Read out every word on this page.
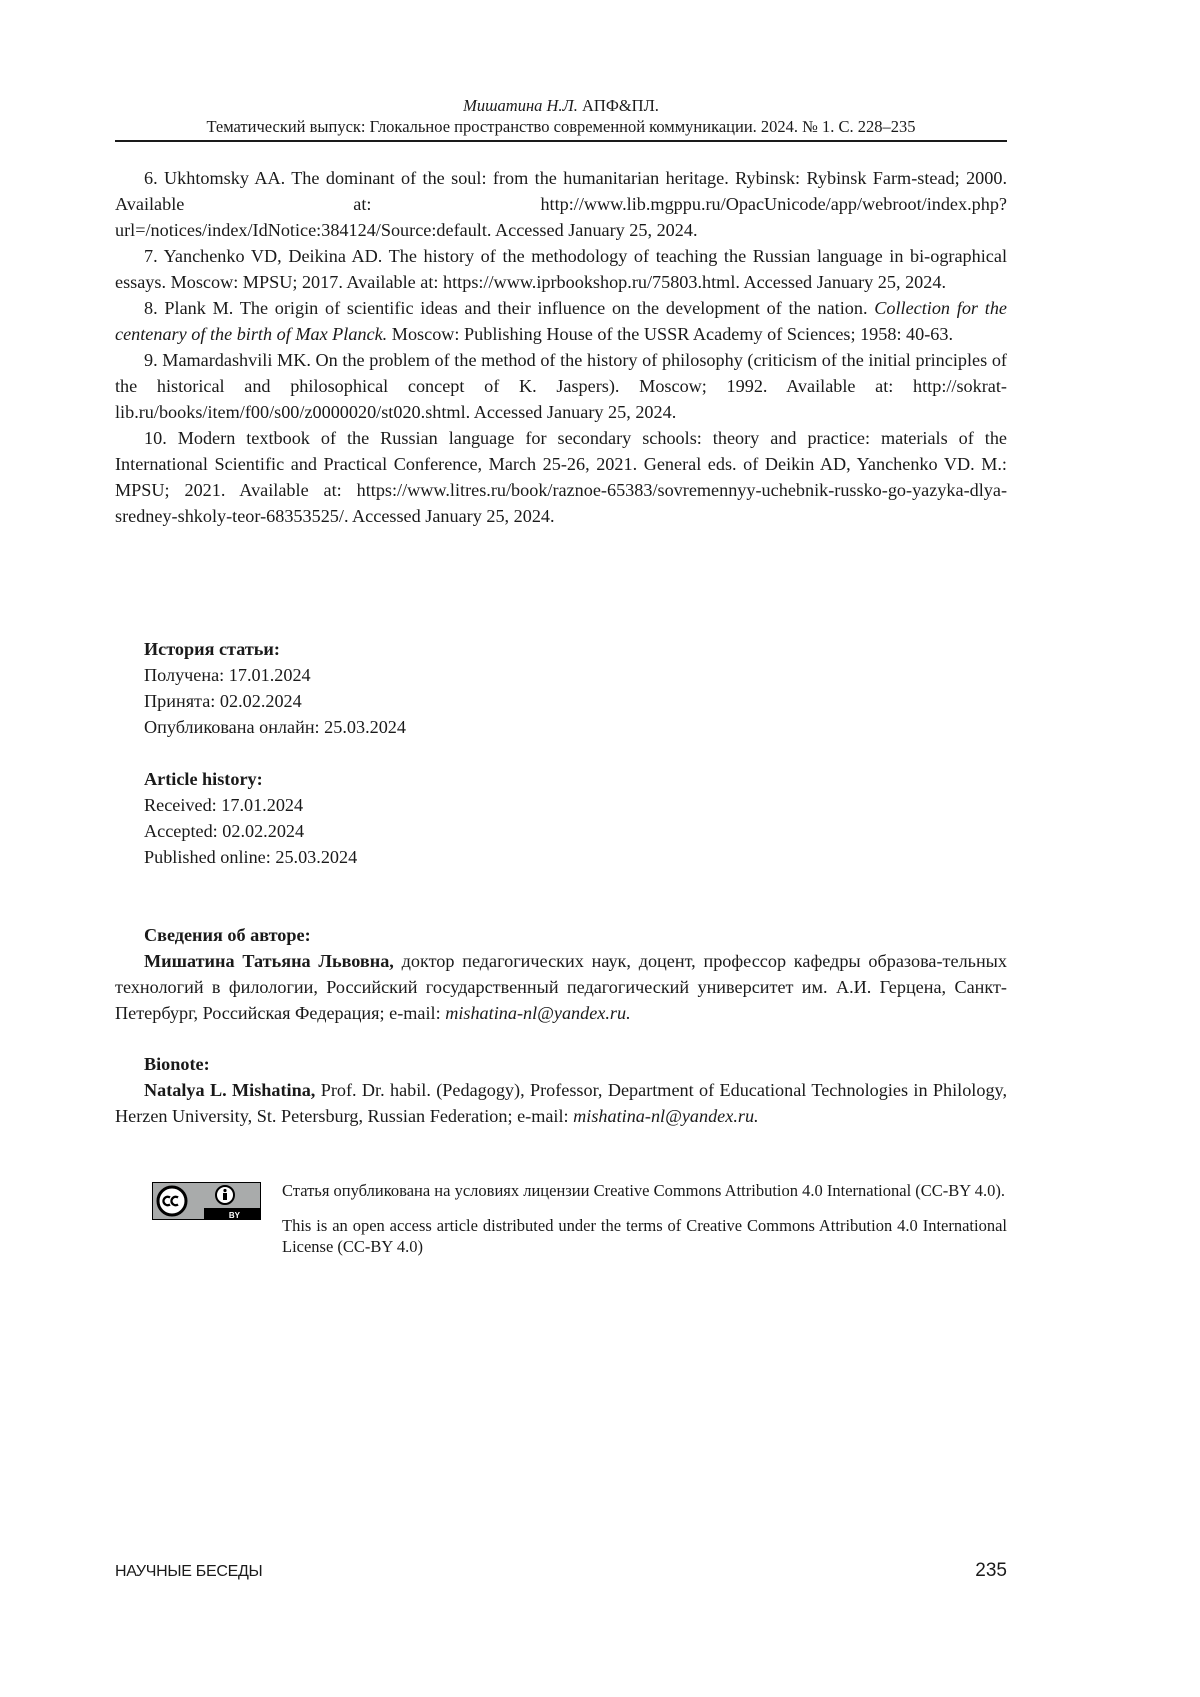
Мишатина Н.Л. АПФ&ПЛ.
Тематический выпуск: Глокальное пространство современной коммуникации. 2024. № 1. С. 228–235

6. Ukhtomsky AA. The dominant of the soul: from the humanitarian heritage. Rybinsk: Rybinsk Farm-stead; 2000. Available at: http://www.lib.mgppu.ru/OpacUnicode/app/webroot/index.php?url=/notices/index/IdNotice:384124/Source:default. Accessed January 25, 2024.

7. Yanchenko VD, Deikina AD. The history of the methodology of teaching the Russian language in bi-ographical essays. Moscow: MPSU; 2017. Available at: https://www.iprbookshop.ru/75803.html. Accessed January 25, 2024.

8. Plank M. The origin of scientific ideas and their influence on the development of the nation. Collection for the centenary of the birth of Max Planck. Moscow: Publishing House of the USSR Academy of Sciences; 1958: 40-63.

9. Mamardashvili MK. On the problem of the method of the history of philosophy (criticism of the initial principles of the historical and philosophical concept of K. Jaspers). Moscow; 1992. Available at: http://sokrat-lib.ru/books/item/f00/s00/z0000020/st020.shtml. Accessed January 25, 2024.

10. Modern textbook of the Russian language for secondary schools: theory and practice: materials of the International Scientific and Practical Conference, March 25-26, 2021. General eds. of Deikin AD, Yanchenko VD. M.: MPSU; 2021. Available at: https://www.litres.ru/book/raznoe-65383/sovremennyy-uchebnik-russko-go-yazyka-dlya-sredney-shkoly-teor-68353525/. Accessed January 25, 2024.

История статьи:

Получена: 17.01.2024

Принята: 02.02.2024

Опубликована онлайн: 25.03.2024

Article history:

Received: 17.01.2024

Accepted: 02.02.2024

Published online: 25.03.2024

Сведения об авторе:

Мишатина Татьяна Львовна, доктор педагогических наук, доцент, профессор кафедры образова-тельных технологий в филологии, Российский государственный педагогический университет им. А.И. Герцена, Санкт-Петербург, Российская Федерация; e-mail: mishatina-nl@yandex.ru.

Bionote:

Natalya L. Mishatina, Prof. Dr. habil. (Pedagogy), Professor, Department of Educational Technologies in Philology, Herzen University, St. Petersburg, Russian Federation; e-mail: mishatina-nl@yandex.ru.

BY

Статья опубликована на условиях лицензии Creative Commons Attribution 4.0 International (CC-BY 4.0).

This is an open access article distributed under the terms of Creative Commons Attribution 4.0 International License (CC-BY 4.0)

НАУЧНЫЕ БЕСЕДЫ	235
